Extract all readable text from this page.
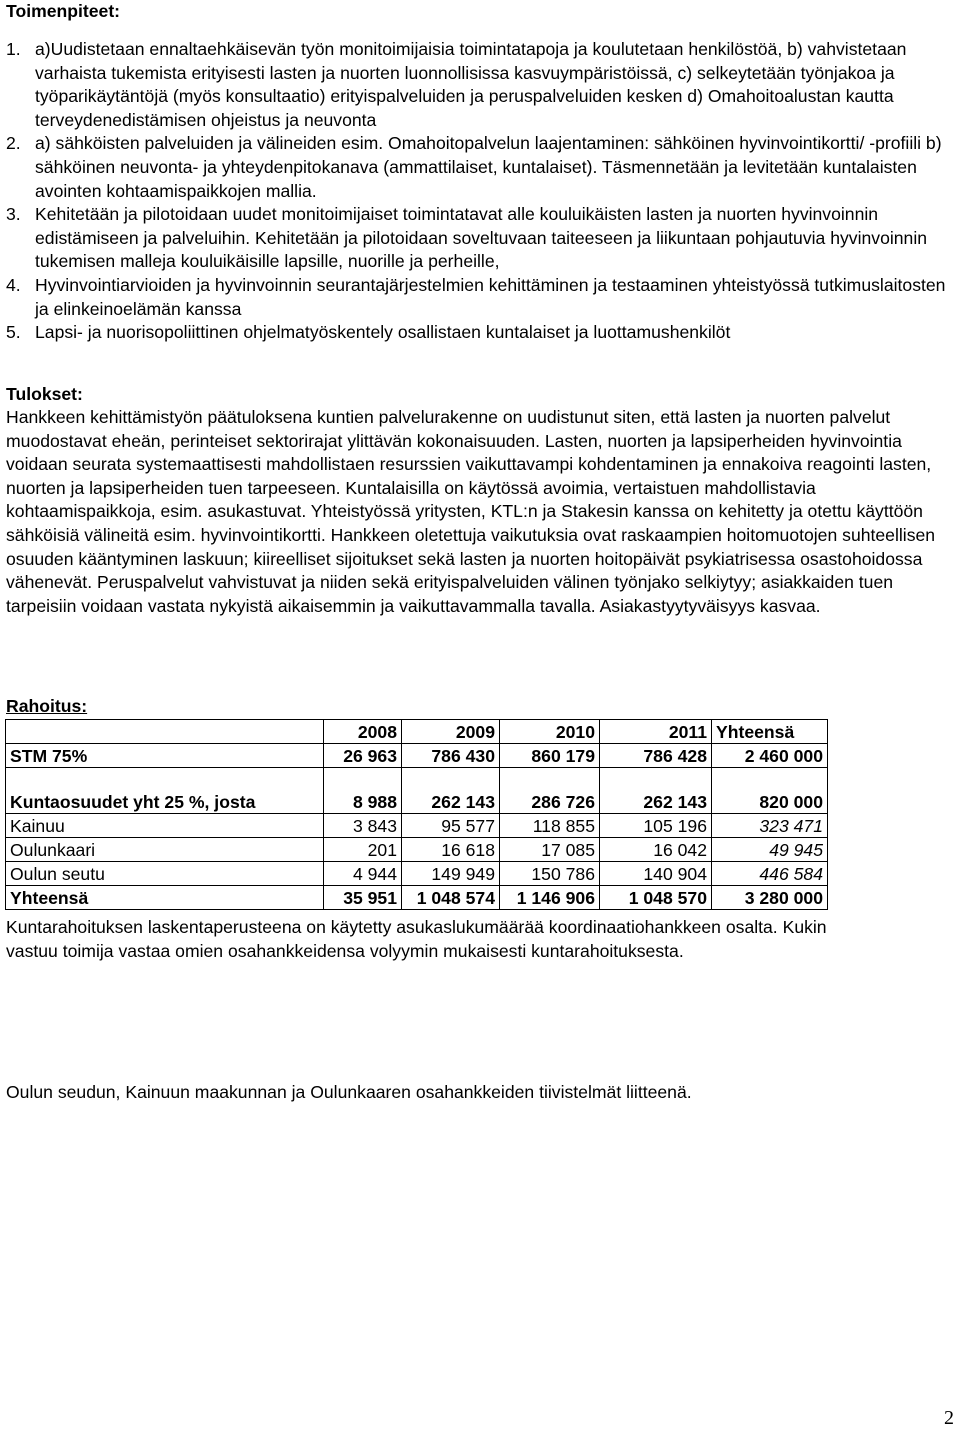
Toimenpiteet:
1. a)Uudistetaan ennaltaehkäisevän työn monitoimijaisia toimintatapoja ja koulutetaan henkilöstöä, b) vahvistetaan varhaista tukemista erityisesti lasten ja nuorten luonnollisissa kasvuympäristöissä, c) selkeytetään työnjakoa ja työparikäytäntöjä (myös konsultaatio) erityispalveluiden ja peruspalveluiden kesken d) Omahoitoalustan kautta terveydenedistämisen ohjeistus ja neuvonta
2. a) sähköisten palveluiden ja välineiden esim. Omahoitopalvelun laajentaminen: sähköinen hyvinvointikortti/ -profiili b) sähköinen neuvonta- ja yhteydenpitokanava (ammattilaiset, kuntalaiset). Täsmennetään ja levitetään kuntalaisten avointen kohtaamispaikkojen mallia.
3. Kehitetään ja pilotoidaan uudet monitoimijaiset toimintatavat alle kouluikäisten lasten ja nuorten hyvinvoinnin edistämiseen ja palveluihin. Kehitetään ja pilotoidaan soveltuvaan taiteeseen ja liikuntaan pohjautuvia hyvinvoinnin tukemisen malleja kouluikäisille lapsille, nuorille ja perheille,
4. Hyvinvointiarvioiden ja hyvinvoinnin seurantajärjestelmien kehittäminen ja testaaminen yhteistyössä tutkimuslaitosten ja elinkeinoelämän kanssa
5. Lapsi- ja nuorisopoliittinen ohjelmatyöskentely osallistaen kuntalaiset ja luottamushenkilöt
Tulokset:
Hankkeen kehittämistyön päätuloksena kuntien palvelurakenne on uudistunut siten, että lasten ja nuorten palvelut muodostavat eheän, perinteiset sektorirajat ylittävän kokonaisuuden. Lasten, nuorten ja lapsiperheiden hyvinvointia voidaan seurata systemaattisesti mahdollistaen resurssien vaikuttavampi kohdentaminen ja ennakoiva reagointi lasten, nuorten ja lapsiperheiden tuen tarpeeseen. Kuntalaisilla on käytössä avoimia, vertaistuen mahdollistavia kohtaamispaikkoja, esim. asukastuvat. Yhteistyössä yritysten, KTL:n ja Stakesin kanssa on kehitetty ja otettu käyttöön sähköisiä välineitä esim. hyvinvointikortti. Hankkeen oletettuja vaikutuksia ovat raskaampien hoitomuotojen suhteellisen osuuden kääntyminen laskuun; kiireelliset sijoitukset sekä lasten ja nuorten hoitopäivät psykiatrisessa osastohoidossa vähenevät. Peruspalvelut vahvistuvat ja niiden sekä erityispalveluiden välinen työnjako selkiytyy; asiakkaiden tuen tarpeisiin voidaan vastata nykyistä aikaisemmin ja vaikuttavammalla tavalla. Asiakastyytyväisyys kasvaa.
Rahoitus:
	2008	2009	2010	2011	Yhteensä
STM 75%	26 963	786 430	860 179	786 428	2 460 000
Kuntaosuudet yht 25 %, josta	8 988	262 143	286 726	262 143	820 000
Kainuu	3 843	95 577	118 855	105 196	323 471
Oulunkaari	201	16 618	17 085	16 042	49 945
Oulun seutu	4 944	149 949	150 786	140 904	446 584
Yhteensä	35 951	1 048 574	1 146 906	1 048 570	3 280 000
Kuntarahoituksen laskentaperusteena on käytetty asukaslukumäärää koordinaatiohankkeen osalta. Kukin vastuu toimija vastaa omien osahankkeidensa volyymin mukaisesti kuntarahoituksesta.
Oulun seudun, Kainuun maakunnan ja Oulunkaaren osahankkeiden tiivistelmät liitteenä.
2
